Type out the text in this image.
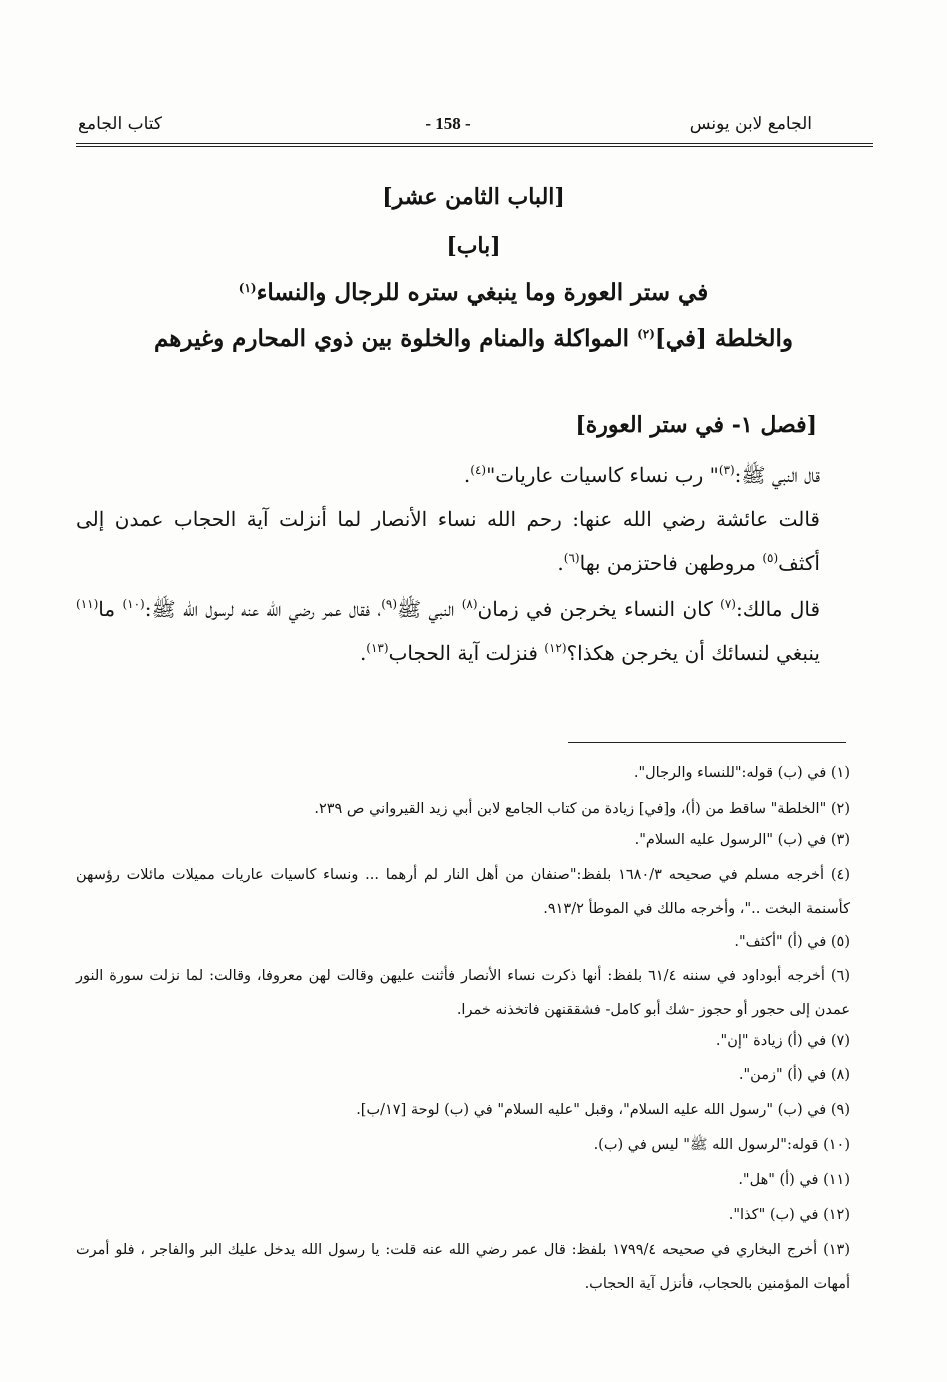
الجامع لابن يونس
- 158 -
كتاب الجامع
[الباب الثامن عشر]
[باب]
في ستر العورة وما ينبغي ستره للرجال والنساء$^{(١)}$
والخلطة [في]$^{(٢)}$ المواكلة والمنام والخلوة بين ذوي المحارم وغيرهم
[فصل ١- في ستر العورة]
قال النبي ﷺ:$^{(٣)}$" رب نساء كاسيات عاريات"$^{(٤)}$.
قالت عائشة رضي الله عنها: رحم الله نساء الأنصار لما أنزلت آية الحجاب عمدن إلى أكثف$^{(٥)}$ مروطهن فاحتزمن بها$^{(٦)}$.
قال مالك:$^{(٧)}$ كان النساء يخرجن في زمان$^{(٨)}$ النبي ﷺ$^{(٩)}$، فقال عمر رضي الله عنه لرسول الله ﷺ:$^{(١٠)}$ ما$^{(١١)}$ ينبغي لنسائك أن يخرجن هكذا؟$^{(١٢)}$ فنزلت آية الحجاب$^{(١٣)}$.
(١) في (ب) قوله:"للنساء والرجال".
(٢) "الخلطة" ساقط من (أ)، و[في] زيادة من كتاب الجامع لابن أبي زيد القيرواني ص ٢٣٩.
(٣) في (ب) "الرسول عليه السلام".
(٤) أخرجه مسلم في صحيحه ١٦٨٠/٣ بلفظ:"صنفان من أهل النار لم أرهما ... ونساء كاسيات عاريات مميلات مائلات رؤسهن كأسنمة البخت .."، وأخرجه مالك في الموطأ ٩١٣/٢.
(٥) في (أ) "أكثف".
(٦) أخرجه أبوداود في سننه ٦١/٤ بلفظ: أنها ذكرت نساء الأنصار فأثنت عليهن وقالت لهن معروفا، وقالت: لما نزلت سورة النور عمدن إلى حجور أو حجوز -شك أبو كامل- فشققنهن فاتخذنه خمرا.
(٧) في (أ) زيادة "إن".
(٨) في (أ) "زمن".
(٩) في (ب) "رسول الله عليه السلام"، وقبل "عليه السلام" في (ب) لوحة [١٧/ب].
(١٠) قوله:"لرسول الله ﷺ" ليس في (ب).
(١١) في (أ) "هل".
(١٢) في (ب) "كذا".
(١٣) أخرج البخاري في صحيحه ١٧٩٩/٤ بلفظ: قال عمر رضي الله عنه قلت: يا رسول الله يدخل عليك البر والفاجر ، فلو أمرت أمهات المؤمنين بالحجاب، فأنزل آية الحجاب.
